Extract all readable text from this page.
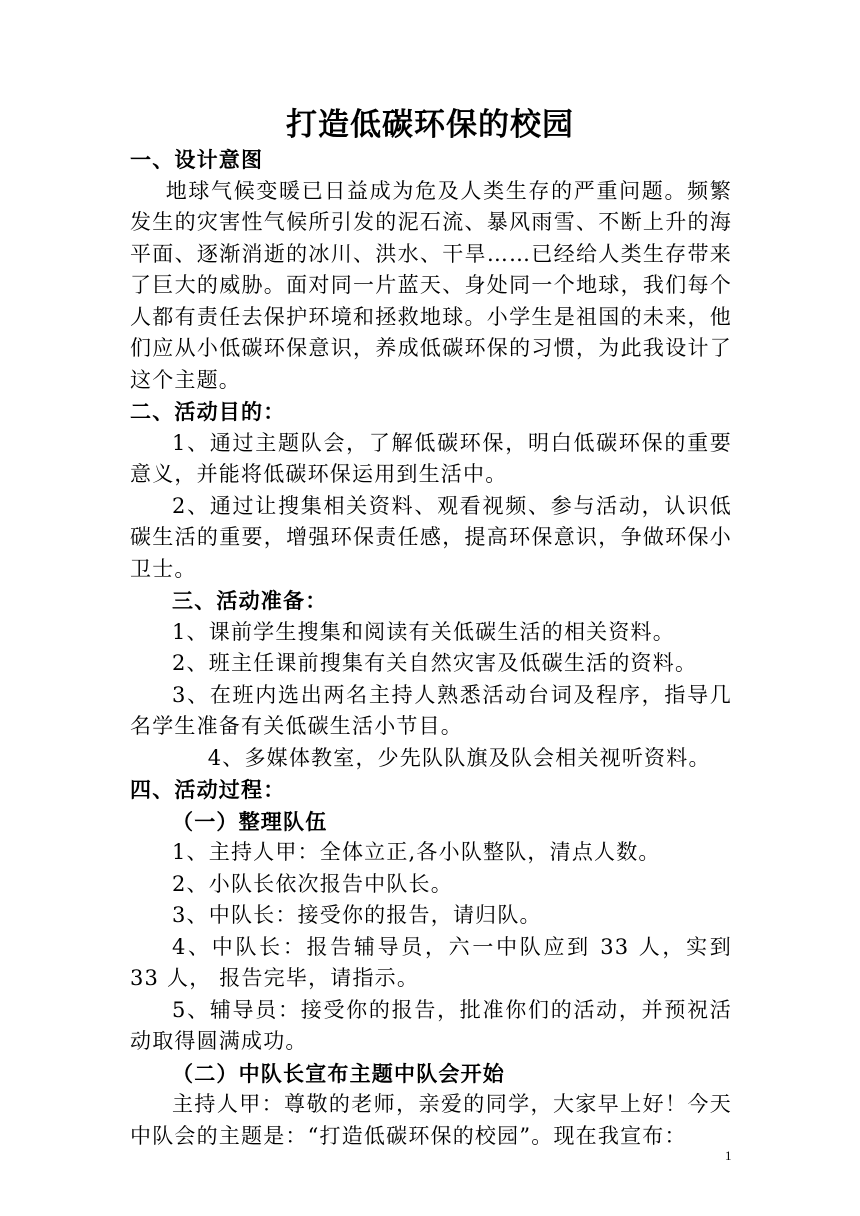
打造低碳环保的校园

一、设计意图

地球气候变暖已日益成为危及人类生存的严重问题。频繁发生的灾害性气候所引发的泥石流、暴风雨雪、不断上升的海平面、逐渐消逝的冰川、洪水、干旱……已经给人类生存带来了巨大的威胁。面对同一片蓝天、身处同一个地球，我们每个人都有责任去保护环境和拯救地球。小学生是祖国的未来，他们应从小低碳环保意识，养成低碳环保的习惯，为此我设计了这个主题。

二、活动目的：

1、通过主题队会，了解低碳环保，明白低碳环保的重要意义，并能将低碳环保运用到生活中。

2、通过让搜集相关资料、观看视频、参与活动，认识低碳生活的重要，增强环保责任感，提高环保意识，争做环保小卫士。

三、活动准备：

1、课前学生搜集和阅读有关低碳生活的相关资料。

2、班主任课前搜集有关自然灾害及低碳生活的资料。

3、在班内选出两名主持人熟悉活动台词及程序，指导几名学生准备有关低碳生活小节目。

4、多媒体教室，少先队队旗及队会相关视听资料。

四、活动过程：

（一）整理队伍

1、主持人甲：全体立正,各小队整队，清点人数。

2、小队长依次报告中队长。

3、中队长：接受你的报告，请归队。

4、中队长：报告辅导员，六一中队应到 33 人，实到 33 人， 报告完毕，请指示。

5、辅导员：接受你的报告，批准你们的活动，并预祝活动取得圆满成功。

（二）中队长宣布主题中队会开始

主持人甲：尊敬的老师，亲爱的同学，大家早上好！今天中队会的主题是：“打造低碳环保的校园”。现在我宣布：

1
